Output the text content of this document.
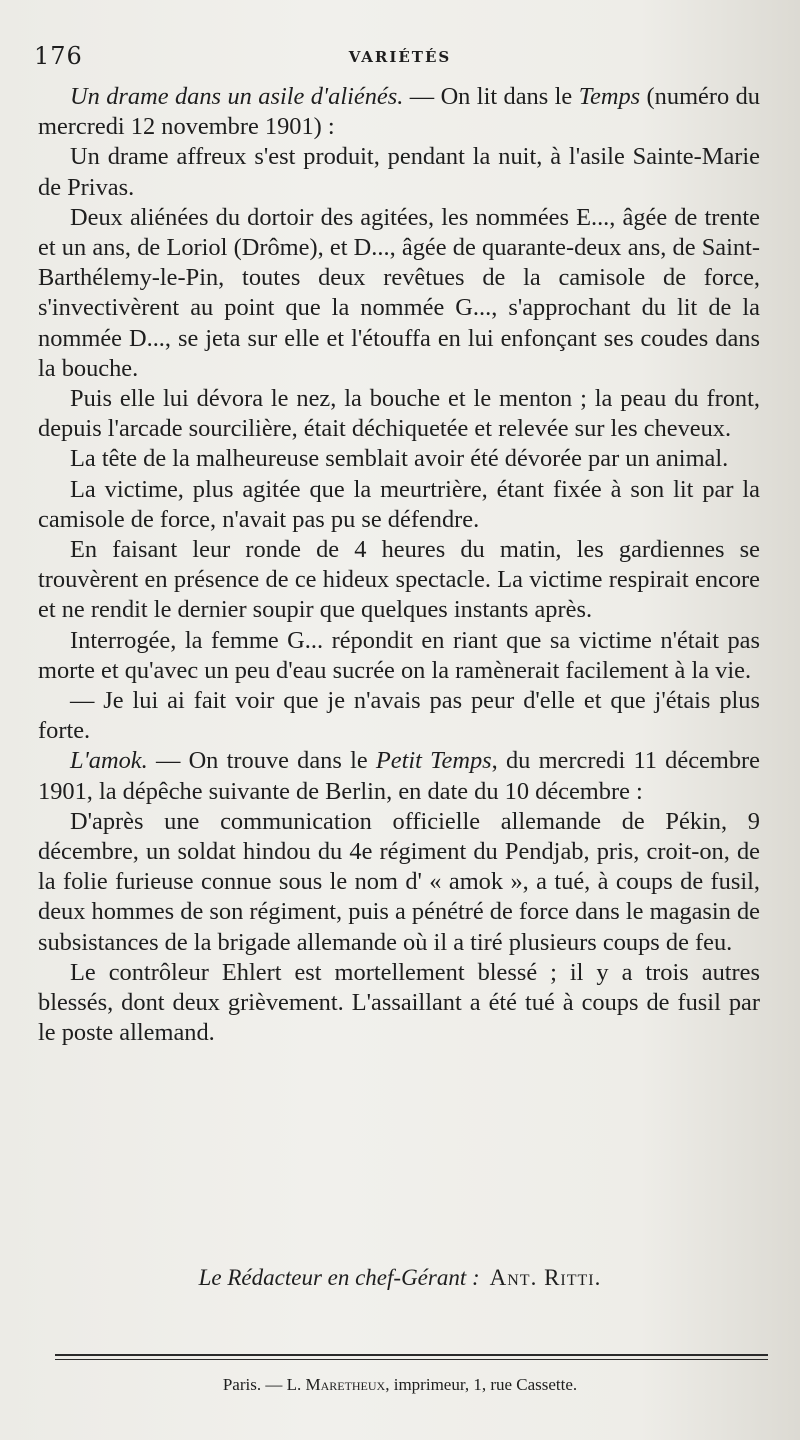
176	VARIÉTÉS

Un drame dans un asile d'aliénés. — On lit dans le Temps (numéro du mercredi 12 novembre 1901) :

Un drame affreux s'est produit, pendant la nuit, à l'asile Sainte-Marie de Privas.

Deux aliénées du dortoir des agitées, les nommées E..., âgée de trente et un ans, de Loriol (Drôme), et D..., âgée de quarante-deux ans, de Saint-Barthélemy-le-Pin, toutes deux revêtues de la camisole de force, s'invectivèrent au point que la nommée G..., s'approchant du lit de la nommée D..., se jeta sur elle et l'étouffa en lui enfonçant ses coudes dans la bouche.

Puis elle lui dévora le nez, la bouche et le menton ; la peau du front, depuis l'arcade sourcilière, était déchiquetée et relevée sur les cheveux.

La tête de la malheureuse semblait avoir été dévorée par un animal.

La victime, plus agitée que la meurtrière, étant fixée à son lit par la camisole de force, n'avait pas pu se défendre.

En faisant leur ronde de 4 heures du matin, les gardiennes se trouvèrent en présence de ce hideux spectacle. La victime respirait encore et ne rendit le dernier soupir que quelques instants après.

Interrogée, la femme G... répondit en riant que sa victime n'était pas morte et qu'avec un peu d'eau sucrée on la ramènerait facilement à la vie.

— Je lui ai fait voir que je n'avais pas peur d'elle et que j'étais plus forte.

L'amok. — On trouve dans le Petit Temps, du mercredi 11 décembre 1901, la dépêche suivante de Berlin, en date du 10 décembre :

D'après une communication officielle allemande de Pékin, 9 décembre, un soldat hindou du 4e régiment du Pendjab, pris, croit-on, de la folie furieuse connue sous le nom d' « amok », a tué, à coups de fusil, deux hommes de son régiment, puis a pénétré de force dans le magasin de subsistances de la brigade allemande où il a tiré plusieurs coups de feu.

Le contrôleur Ehlert est mortellement blessé ; il y a trois autres blessés, dont deux grièvement. L'assaillant a été tué à coups de fusil par le poste allemand.

Le Rédacteur en chef-Gérant : Ant. Ritti.
Paris. — L. Maretheux, imprimeur, 1, rue Cassette.
